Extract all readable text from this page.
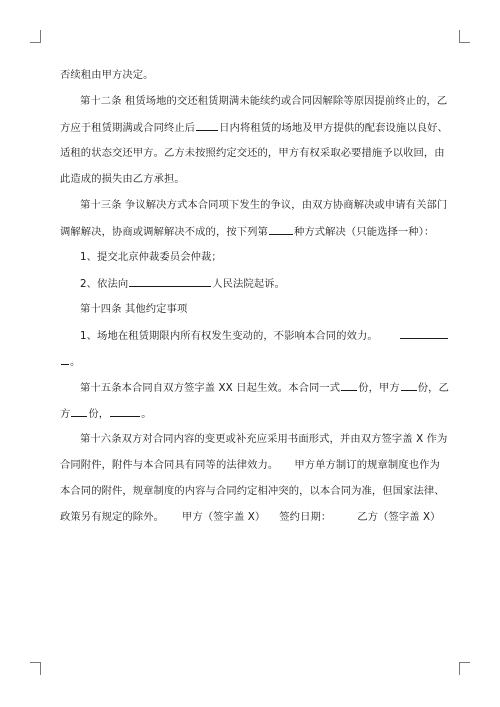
否续租由甲方决定。
第十二条 租赁场地的交还租赁期满未能续约或合同因解除等原因提前终止的，乙
方应于租赁期满或合同终止后 日内将租赁的场地及甲方提供的配套设施以良好、
适租的状态交还甲方。乙方未按照约定交还的，甲方有权采取必要措施予以收回，由
此造成的损失由乙方承担。
第十三条 争议解决方式本合同项下发生的争议，由双方协商解决或申请有关部门
调解解决，协商或调解解决不成的，按下列第	种方式解决（只能选择一种）：
1、提交北京仲裁委员会仲裁；
2、依法向	人民法院起诉。
第十四条 其他约定事项
1、场地在租赁期限内所有权发生变动的，不影响本合同的效力。
。
第十五条本合同自双方签字盖 XX 日起生效。本合同一式 份，甲方 份，乙
方 份，	。
第十六条双方对合同内容的变更或补充应采用书面形式，并由双方签字盖 X 作为
合同附件，附件与本合同具有同等的法律效力。 甲方单方制订的规章制度也作为
本合同的附件，规章制度的内容与合同约定相冲突的，以本合同为准，但国家法律、
政策另有规定的除外。 甲方（签字盖 X） 签约日期：	乙方（签字盖 X）
